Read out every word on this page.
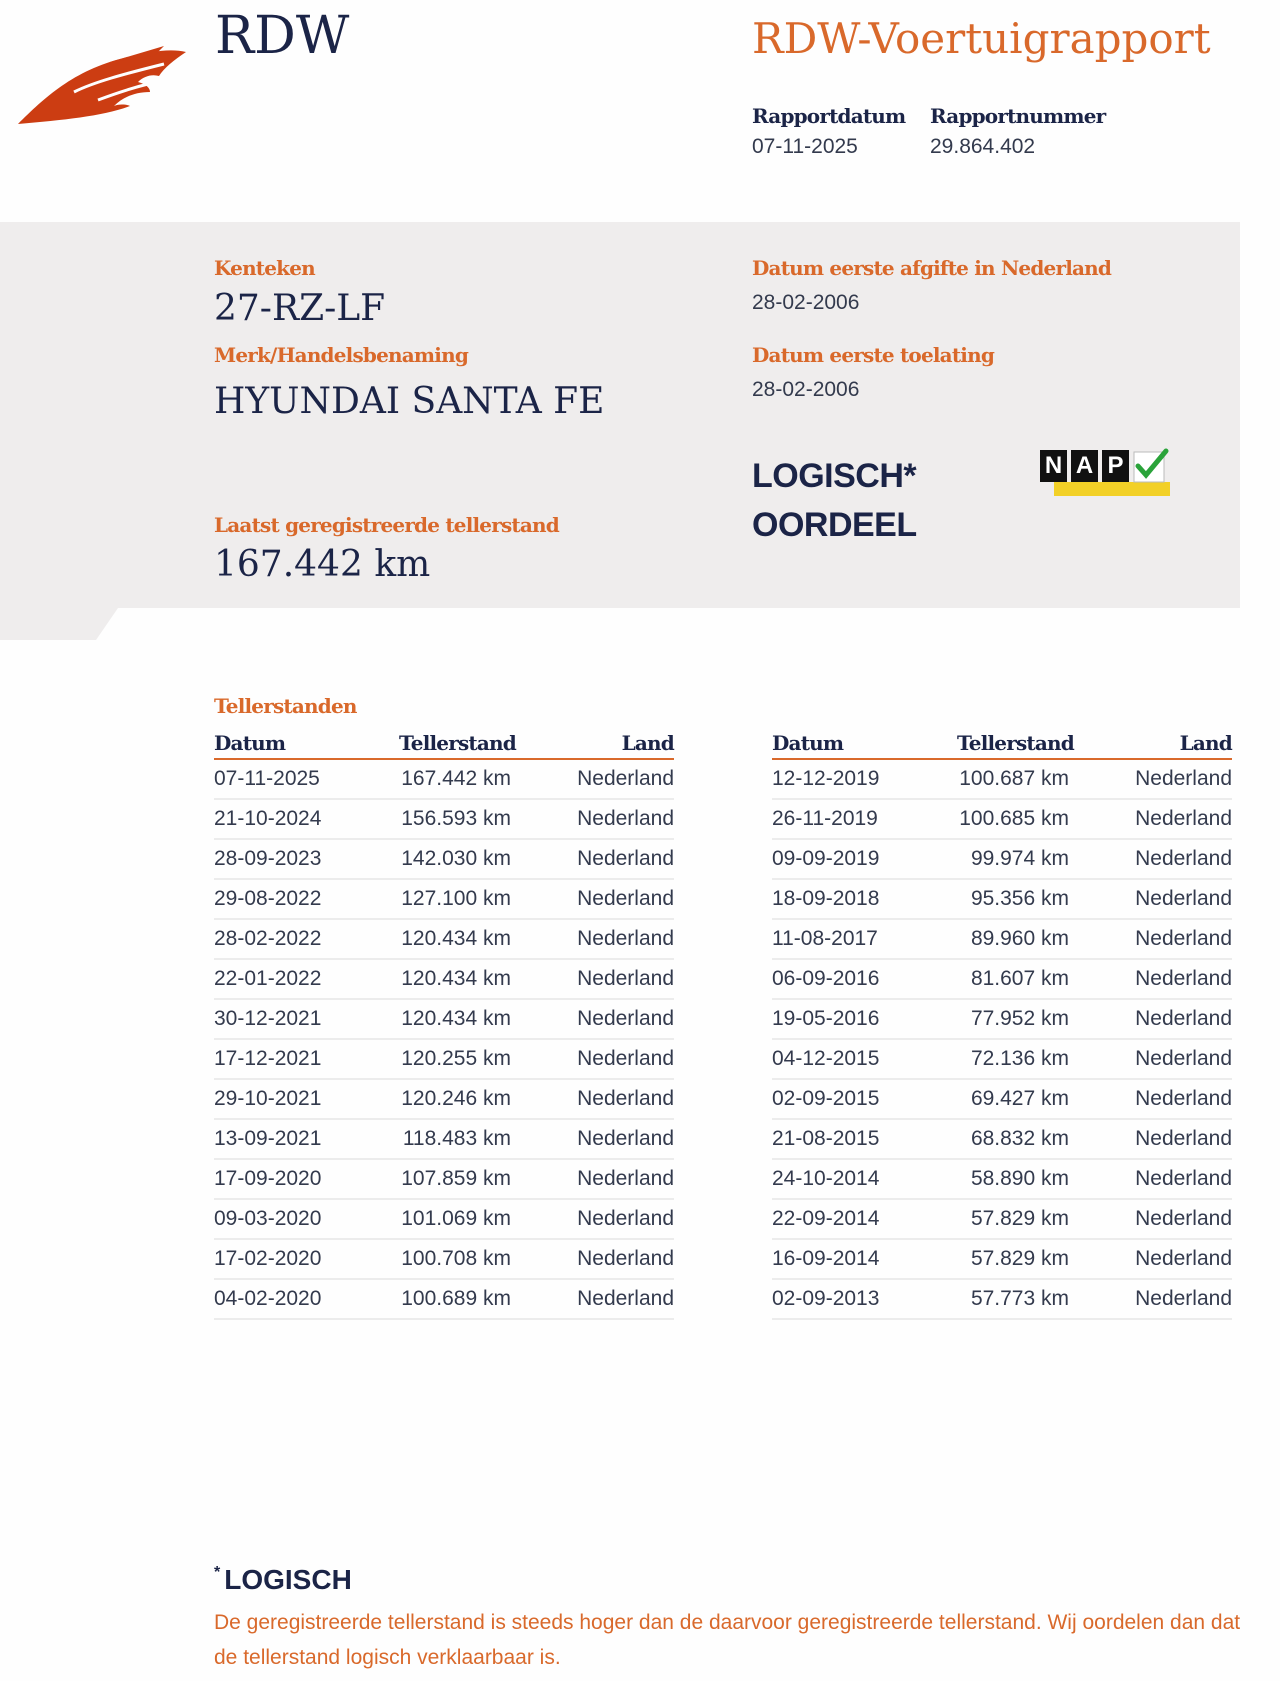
RDW	RDW-Voertuigrapport
Rapportdatum
07-11-2025
Rapportnummer
29.864.402
Kenteken
27-RZ-LF
Merk/Handelsbenaming
HYUNDAI SANTA FE
Datum eerste afgifte in Nederland
28-02-2006
Datum eerste toelating
28-02-2006
Laatst geregistreerde tellerstand
167.442 km
LOGISCH*
OORDEEL
N A P
Tellerstanden
Datum	Tellerstand	Land
07-11-2025	167.442 km	Nederland
21-10-2024	156.593 km	Nederland
28-09-2023	142.030 km	Nederland
29-08-2022	127.100 km	Nederland
28-02-2022	120.434 km	Nederland
22-01-2022	120.434 km	Nederland
30-12-2021	120.434 km	Nederland
17-12-2021	120.255 km	Nederland
29-10-2021	120.246 km	Nederland
13-09-2021	118.483 km	Nederland
17-09-2020	107.859 km	Nederland
09-03-2020	101.069 km	Nederland
17-02-2020	100.708 km	Nederland
04-02-2020	100.689 km	Nederland
Datum	Tellerstand	Land
12-12-2019	100.687 km	Nederland
26-11-2019	100.685 km	Nederland
09-09-2019	99.974 km	Nederland
18-09-2018	95.356 km	Nederland
11-08-2017	89.960 km	Nederland
06-09-2016	81.607 km	Nederland
19-05-2016	77.952 km	Nederland
04-12-2015	72.136 km	Nederland
02-09-2015	69.427 km	Nederland
21-08-2015	68.832 km	Nederland
24-10-2014	58.890 km	Nederland
22-09-2014	57.829 km	Nederland
16-09-2014	57.829 km	Nederland
02-09-2013	57.773 km	Nederland
* LOGISCH
De geregistreerde tellerstand is steeds hoger dan de daarvoor geregistreerde tellerstand. Wij oordelen dan dat de tellerstand logisch verklaarbaar is.
